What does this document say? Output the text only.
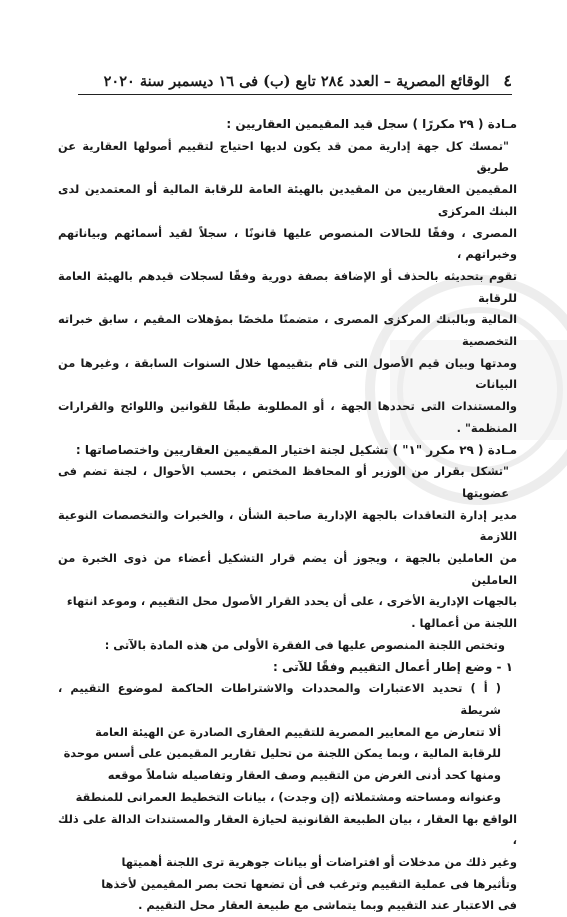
٤
الوقائع المصرية – العدد ٢٨٤ تابع (ب) فى ١٦ ديسمبر سنة ٢٠٢٠

مـادة ( ٢٩ مكررًا ) سجل قيد المقيمين العقاريين :

"تمسك كل جهة إدارية ممن قد يكون لديها احتياج لتقييم أصولها العقارية عن طريق

المقيمين العقاريين من المقيدين بالهيئة العامة للرقابة المالية أو المعتمدين لدى البنك المركزى

المصرى ، وفقًا للحالات المنصوص عليها قانونًا ، سجلاً لقيد أسمائهم وبياناتهم وخبراتهم ،

تقوم بتحديثه بالحذف أو الإضافة بصفة دورية وفقًا لسجلات قيدهم بالهيئة العامة للرقابة

المالية وبالبنك المركزى المصرى ، متضمنًا ملخصًا بمؤهلات المقيم ، سابق خبراته التخصصية

ومدتها وبيان قيم الأصول التى قام بتقييمها خلال السنوات السابقة ، وغيرها من البيانات

والمستندات التى تحددها الجهة ، أو المطلوبة طبقًا للقوانين واللوائح والقرارات المنظمة" .

مـادة ( ٢٩ مكرر "١" ) تشكيل لجنة اختيار المقيمين العقاريين واختصاصاتها :

"تشكل بقرار من الوزير أو المحافظ المختص ، بحسب الأحوال ، لجنة تضم فى عضويتها

مدير إدارة التعاقدات بالجهة الإدارية صاحبة الشأن ، والخبرات والتخصصات النوعية اللازمة

من العاملين بالجهة ، ويجوز أن يضم قرار التشكيل أعضاء من ذوى الخبرة من العاملين

بالجهات الإدارية الأخرى ، على أن يحدد القرار الأصول محل التقييم ، وموعد انتهاء

اللجنة من أعمالها .

وتختص اللجنة المنصوص عليها فى الفقرة الأولى من هذه المادة بالآتى :

١ - وضع إطار أعمال التقييم وفقًا للآتى :

( أ ) تحديد الاعتبارات والمحددات والاشتراطات الحاكمة لموضوع التقييم ، شريطة

ألا تتعارض مع المعايير المصرية للتقييم العقارى الصادرة عن الهيئة العامة

للرقابة المالية ، وبما يمكن اللجنة من تحليل تقارير المقيمين على أسس موحدة

ومنها كحد أدنى الغرض من التقييم وصف العقار وتفاصيله شاملاً موقعه

وعنوانه ومساحته ومشتملاته (إن وجدت) ، بيانات التخطيط العمرانى للمنطقة

الواقع بها العقار ، بيان الطبيعة القانونية لحيازة العقار والمستندات الدالة على ذلك ،

وغير ذلك من مدخلات أو افتراضات أو بيانات جوهرية ترى اللجنة أهميتها

وتأثيرها فى عملية التقييم وترغب فى أن تضعها تحت بصر المقيمين لأخذها

فى الاعتبار عند التقييم وبما يتماشى مع طبيعة العقار محل التقييم .
